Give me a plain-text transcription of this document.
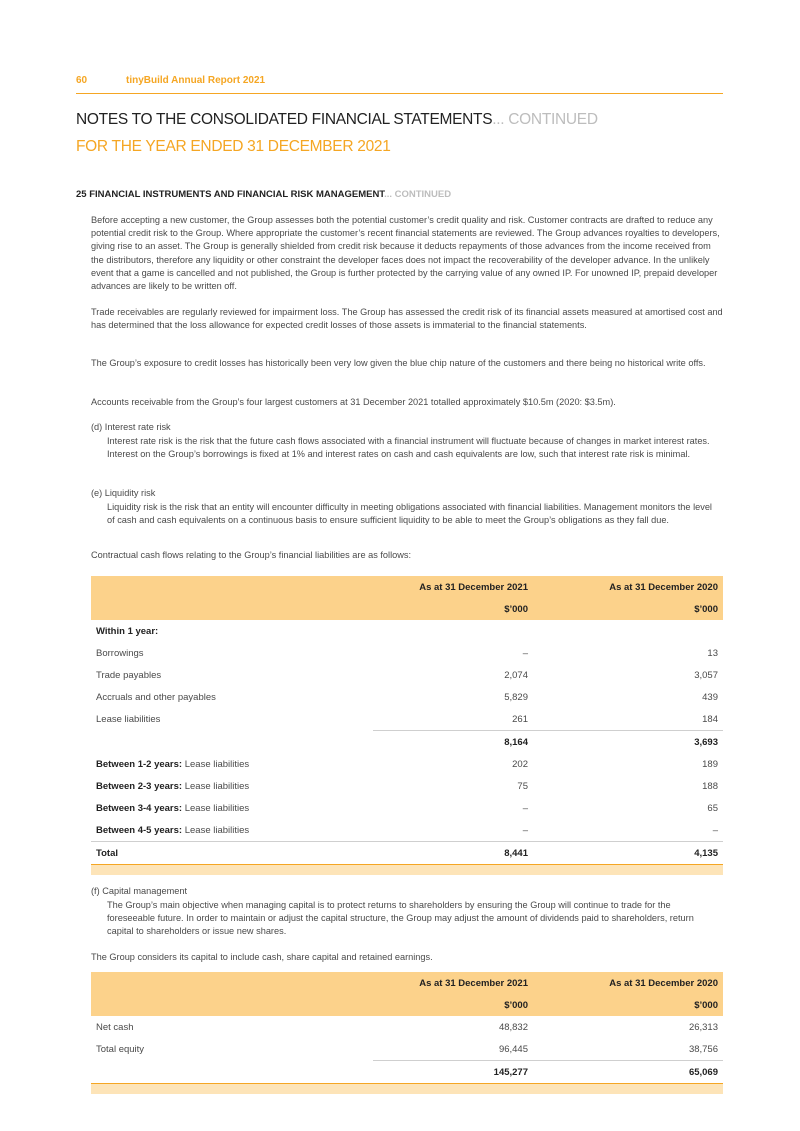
60	tinyBuild Annual Report 2021
NOTES TO THE CONSOLIDATED FINANCIAL STATEMENTS... CONTINUED
FOR THE YEAR ENDED 31 DECEMBER 2021
25 FINANCIAL INSTRUMENTS AND FINANCIAL RISK MANAGEMENT... CONTINUED
Before accepting a new customer, the Group assesses both the potential customer’s credit quality and risk. Customer contracts are drafted to reduce any potential credit risk to the Group. Where appropriate the customer’s recent financial statements are reviewed. The Group advances royalties to developers, giving rise to an asset. The Group is generally shielded from credit risk because it deducts repayments of those advances from the income received from the distributors, therefore any liquidity or other constraint the developer faces does not impact the recoverability of the developer advance. In the unlikely event that a game is cancelled and not published, the Group is further protected by the carrying value of any owned IP. For unowned IP, prepaid developer advances are likely to be written off.
Trade receivables are regularly reviewed for impairment loss. The Group has assessed the credit risk of its financial assets measured at amortised cost and has determined that the loss allowance for expected credit losses of those assets is immaterial to the financial statements.
The Group’s exposure to credit losses has historically been very low given the blue chip nature of the customers and there being no historical write offs.
Accounts receivable from the Group’s four largest customers at 31 December 2021 totalled approximately $10.5m (2020: $3.5m).
(d) Interest rate risk
Interest rate risk is the risk that the future cash flows associated with a financial instrument will fluctuate because of changes in market interest rates. Interest on the Group’s borrowings is fixed at 1% and interest rates on cash and cash equivalents are low, such that interest rate risk is minimal.
(e) Liquidity risk
Liquidity risk is the risk that an entity will encounter difficulty in meeting obligations associated with financial liabilities. Management monitors the level of cash and cash equivalents on a continuous basis to ensure sufficient liquidity to be able to meet the Group’s obligations as they fall due.
Contractual cash flows relating to the Group’s financial liabilities are as follows:
	As at 31 December 2021	As at 31 December 2020
	$’000	$’000
Within 1 year:		
Borrowings	–	13
Trade payables	2,074	3,057
Accruals and other payables	5,829	439
Lease liabilities	261	184
	8,164	3,693
Between 1-2 years: Lease liabilities	202	189
Between 2-3 years: Lease liabilities	75	188
Between 3-4 years: Lease liabilities	–	65
Between 4-5 years: Lease liabilities	–	–
Total	8,441	4,135

(f) Capital management
The Group’s main objective when managing capital is to protect returns to shareholders by ensuring the Group will continue to trade for the foreseeable future. In order to maintain or adjust the capital structure, the Group may adjust the amount of dividends paid to shareholders, return capital to shareholders or issue new shares.
The Group considers its capital to include cash, share capital and retained earnings.
	As at 31 December 2021	As at 31 December 2020
	$’000	$’000
Net cash	48,832	26,313
Total equity	96,445	38,756
	145,277	65,069
